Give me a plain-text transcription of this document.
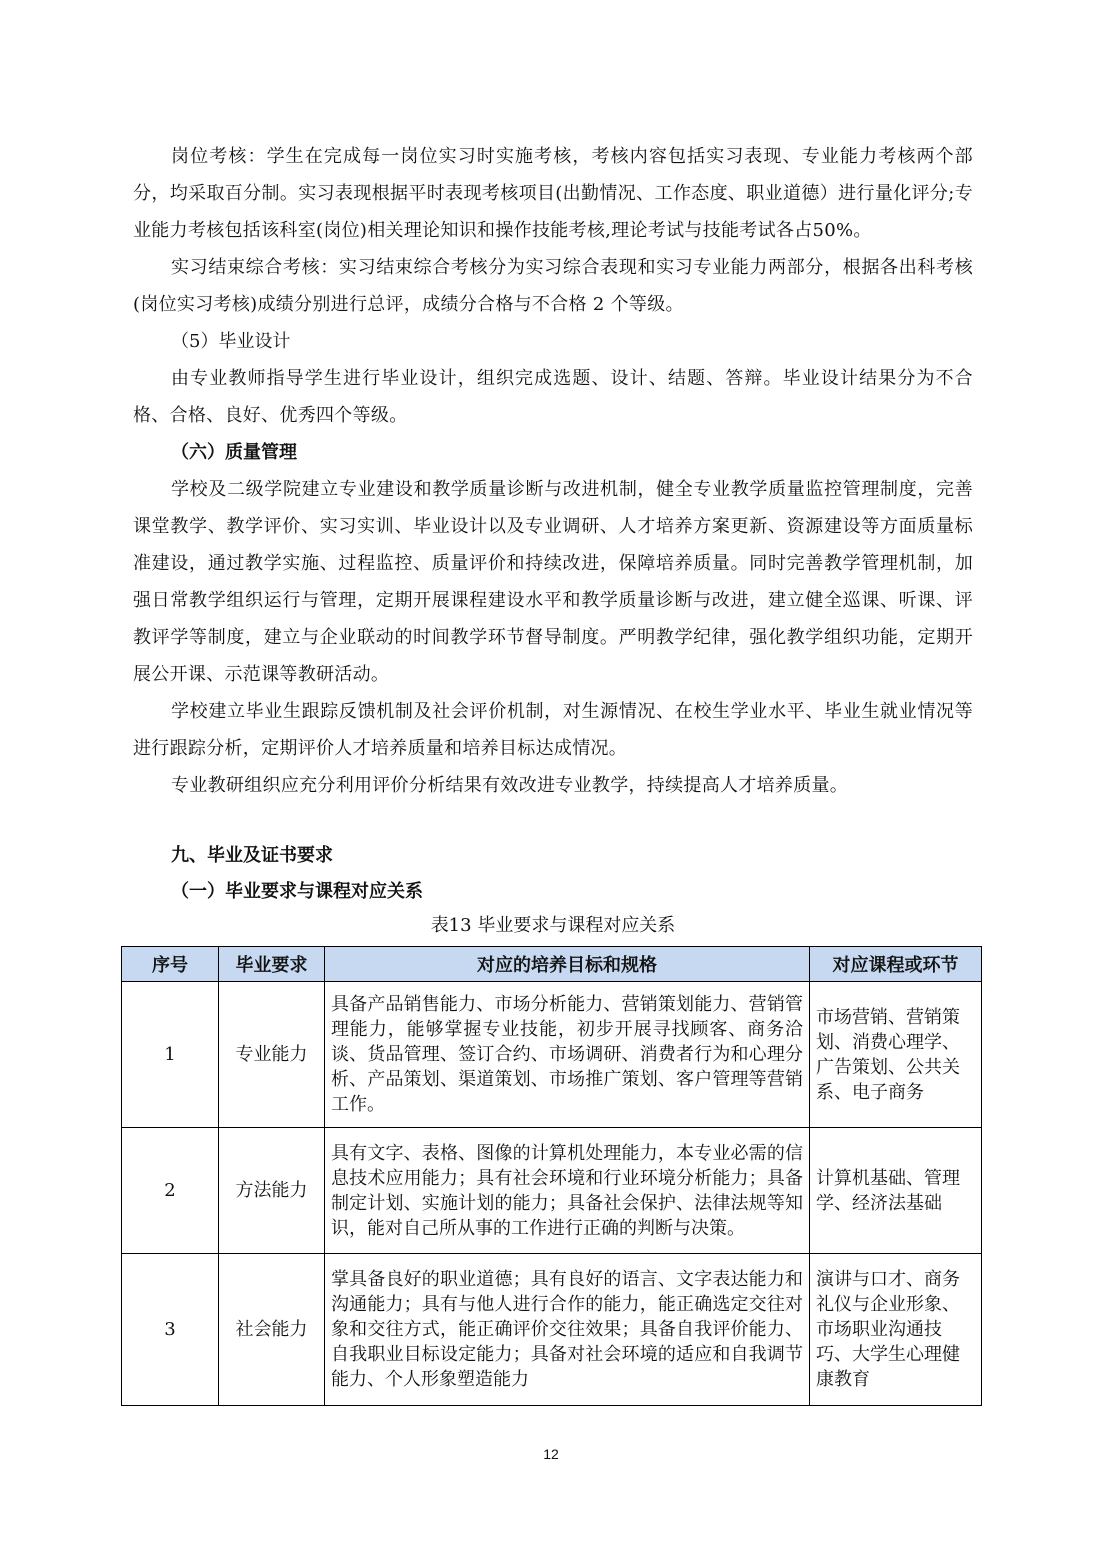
岗位考核：学生在完成每一岗位实习时实施考核，考核内容包括实习表现、专业能力考核两个部分，均采取百分制。实习表现根据平时表现考核项目(出勤情况、工作态度、职业道德）进行量化评分;专业能力考核包括该科室(岗位)相关理论知识和操作技能考核,理论考试与技能考试各占50%。

实习结束综合考核：实习结束综合考核分为实习综合表现和实习专业能力两部分，根据各出科考核(岗位实习考核)成绩分别进行总评，成绩分合格与不合格 2 个等级。

（5）毕业设计

由专业教师指导学生进行毕业设计，组织完成选题、设计、结题、答辩。毕业设计结果分为不合格、合格、良好、优秀四个等级。

（六）质量管理

学校及二级学院建立专业建设和教学质量诊断与改进机制，健全专业教学质量监控管理制度，完善课堂教学、教学评价、实习实训、毕业设计以及专业调研、人才培养方案更新、资源建设等方面质量标准建设，通过教学实施、过程监控、质量评价和持续改进，保障培养质量。同时完善教学管理机制，加强日常教学组织运行与管理，定期开展课程建设水平和教学质量诊断与改进，建立健全巡课、听课、评教评学等制度，建立与企业联动的时间教学环节督导制度。严明教学纪律，强化教学组织功能，定期开展公开课、示范课等教研活动。

学校建立毕业生跟踪反馈机制及社会评价机制，对生源情况、在校生学业水平、毕业生就业情况等进行跟踪分析，定期评价人才培养质量和培养目标达成情况。

专业教研组织应充分利用评价分析结果有效改进专业教学，持续提高人才培养质量。

九、毕业及证书要求
（一）毕业要求与课程对应关系

表13 毕业要求与课程对应关系

序号	毕业要求	对应的培养目标和规格	对应课程或环节
1	专业能力	具备产品销售能力、市场分析能力、营销策划能力、营销管理能力，能够掌握专业技能，初步开展寻找顾客、商务洽谈、货品管理、签订合约、市场调研、消费者行为和心理分析、产品策划、渠道策划、市场推广策划、客户管理等营销工作。	市场营销、营销策划、消费心理学、广告策划、公共关系、电子商务
2	方法能力	具有文字、表格、图像的计算机处理能力，本专业必需的信息技术应用能力；具有社会环境和行业环境分析能力；具备制定计划、实施计划的能力；具备社会保护、法律法规等知识，能对自己所从事的工作进行正确的判断与决策。	计算机基础、管理学、经济法基础
3	社会能力	掌具备良好的职业道德；具有良好的语言、文字表达能力和沟通能力；具有与他人进行合作的能力，能正确选定交往对象和交往方式，能正确评价交往效果；具备自我评价能力、自我职业目标设定能力；具备对社会环境的适应和自我调节能力、个人形象塑造能力	演讲与口才、商务礼仪与企业形象、市场职业沟通技巧、大学生心理健康教育
12
